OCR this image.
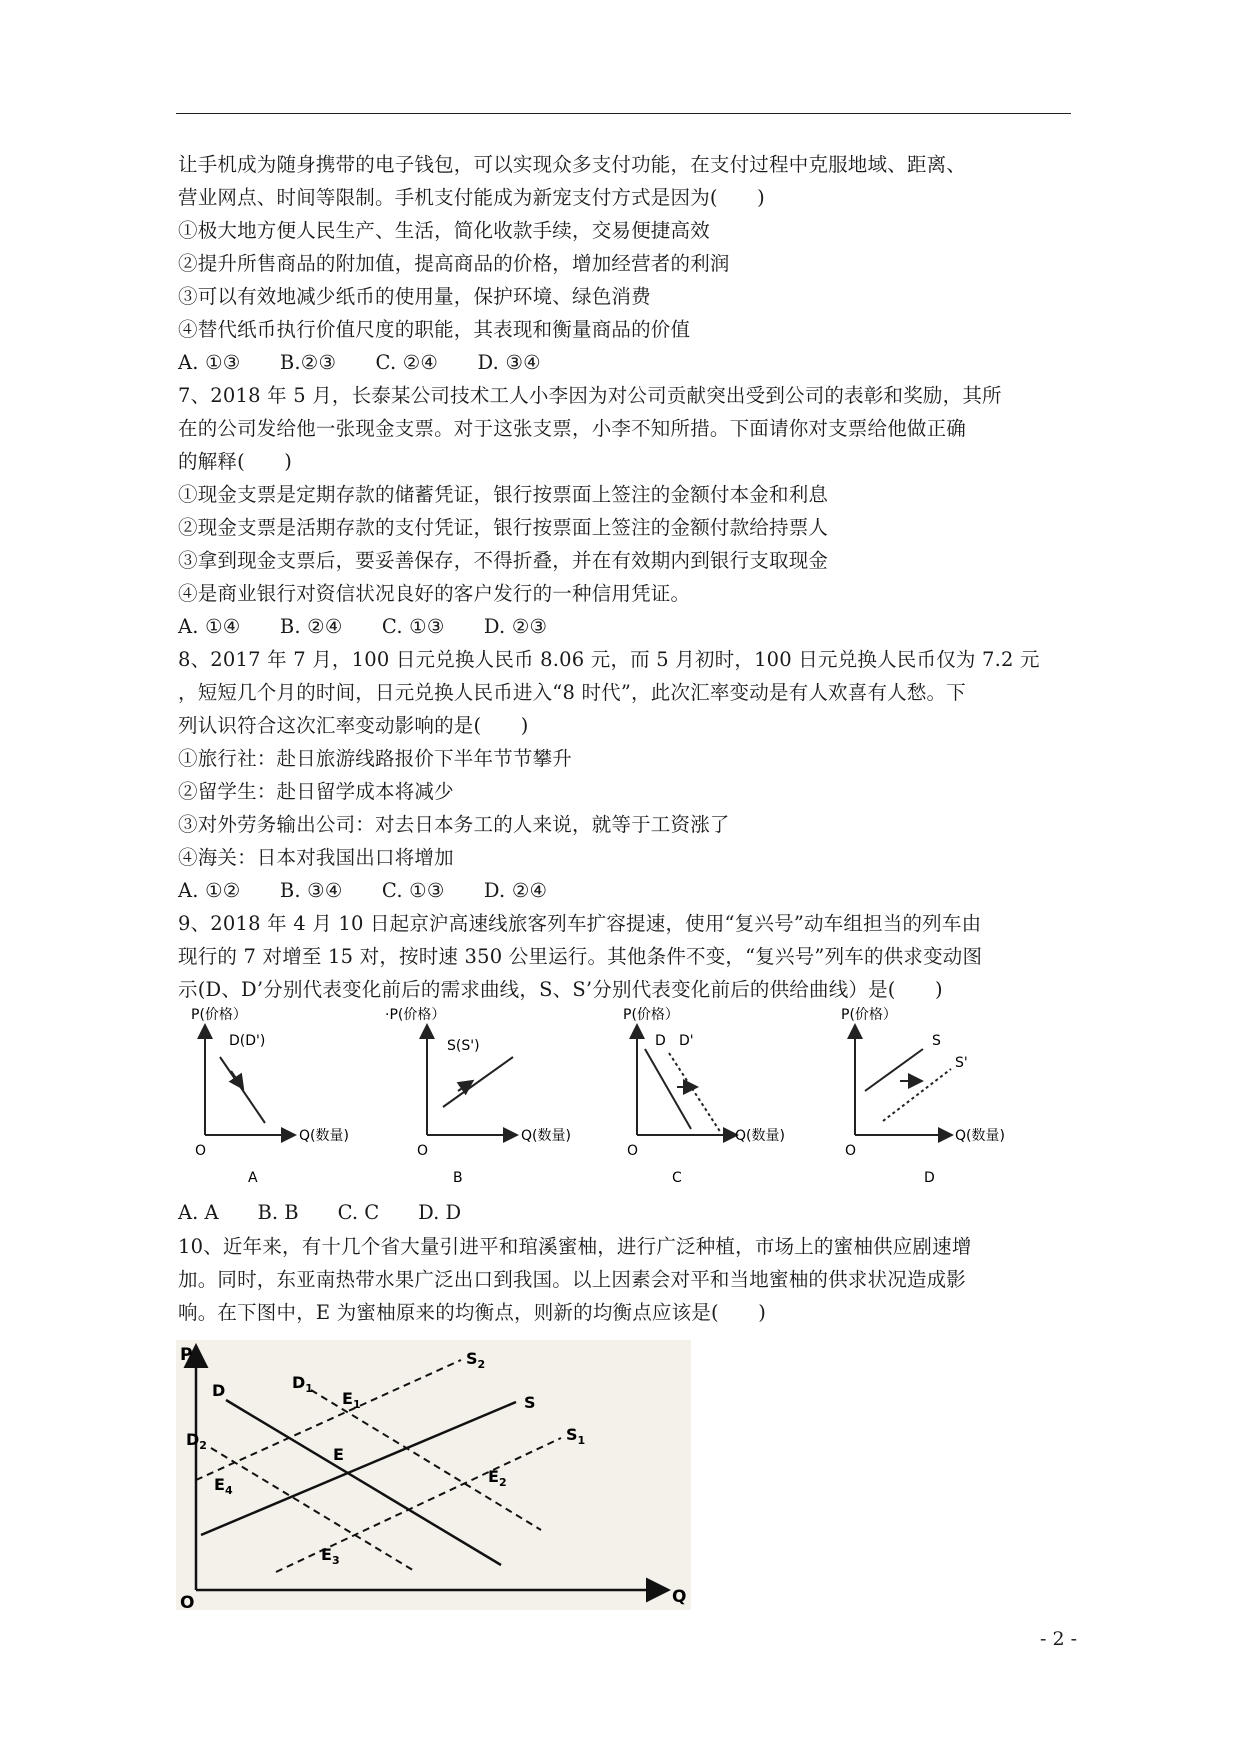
让手机成为随身携带的电子钱包，可以实现众多支付功能，在支付过程中克服地域、距离、
营业网点、时间等限制。手机支付能成为新宠支付方式是因为(　　)
①极大地方便人民生产、生活，简化收款手续，交易便捷高效
②提升所售商品的附加值，提高商品的价格，增加经营者的利润
③可以有效地减少纸币的使用量，保护环境、绿色消费
④替代纸币执行价值尺度的职能，其表现和衡量商品的价值
A. ①③　　B.②③　　C. ②④　　D. ③④
7、2018 年 5 月，长泰某公司技术工人小李因为对公司贡献突出受到公司的表彰和奖励，其所
在的公司发给他一张现金支票。对于这张支票，小李不知所措。下面请你对支票给他做正确
的解释(　　)
①现金支票是定期存款的储蓄凭证，银行按票面上签注的金额付本金和利息
②现金支票是活期存款的支付凭证，银行按票面上签注的金额付款给持票人
③拿到现金支票后，要妥善保存，不得折叠，并在有效期内到银行支取现金
④是商业银行对资信状况良好的客户发行的一种信用凭证。
A. ①④　　B. ②④　　C. ①③　　D. ②③
8、2017 年 7 月，100 日元兑换人民币 8.06 元，而 5 月初时，100 日元兑换人民币仅为 7.2 元
，短短几个月的时间，日元兑换人民币进入“8 时代”，此次汇率变动是有人欢喜有人愁。下
列认识符合这次汇率变动影响的是(　　)
①旅行社：赴日旅游线路报价下半年节节攀升
②留学生：赴日留学成本将减少
③对外劳务输出公司：对去日本务工的人来说，就等于工资涨了
④海关：日本对我国出口将增加
A. ①②　　B. ③④　　C. ①③　　D. ②④
9、2018 年 4 月 10 日起京沪高速线旅客列车扩容提速，使用“复兴号”动车组担当的列车由
现行的 7 对增至 15 对，按时速 350 公里运行。其他条件不变，“复兴号”列车的供求变动图
示(D、D’分别代表变化前后的需求曲线，S、S’分别代表变化前后的供给曲线）是(　　)
P(价格）
Q(数量)
O
D(D')
A
·P(价格）
Q(数量)
O
S(S')
B
P(价格）
Q(数量)
O
D D'
C
P(价格）
Q(数量)
O
S
S'
D
A. A　　B. B　　C. C　　D. D
10、近年来，有十几个省大量引进平和琯溪蜜柚，进行广泛种植，市场上的蜜柚供应剧速增
加。同时，东亚南热带水果广泛出口到我国。以上因素会对平和当地蜜柚的供求状况造成影
响。在下图中，E 为蜜柚原来的均衡点，则新的均衡点应该是(　　)
P
Q
O
D	$D_1$
$D_2$
S
$S_2$
$S_1$
E
$E_1$
$E_2$
$E_3$
$E_4$
- 2 -
